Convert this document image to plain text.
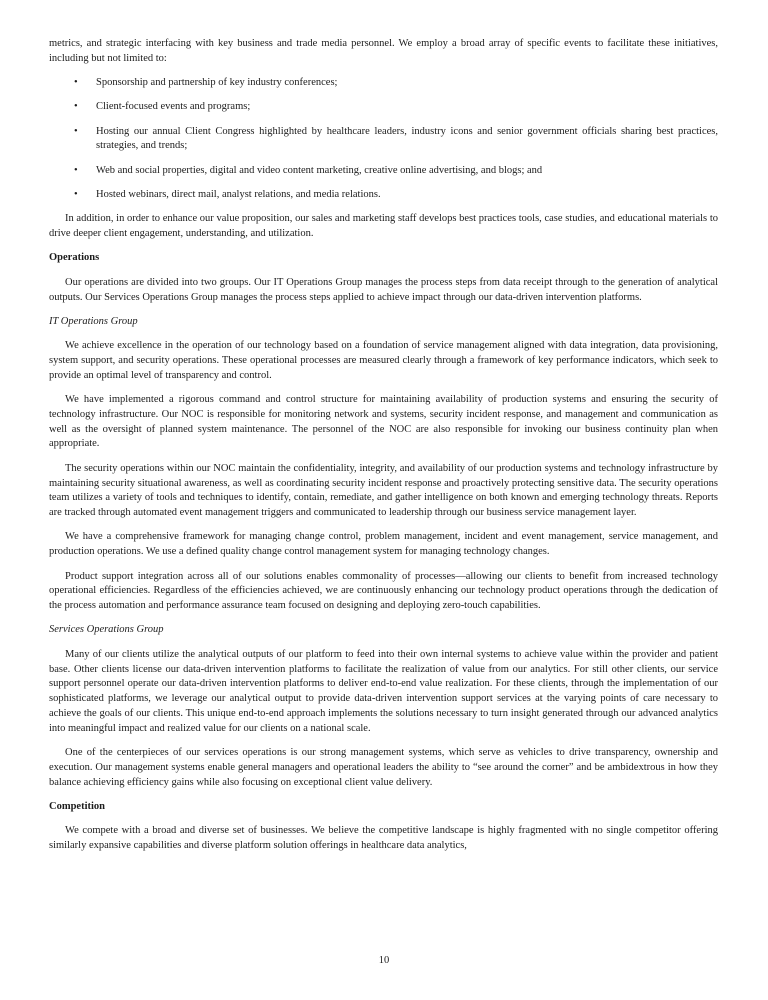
metrics, and strategic interfacing with key business and trade media personnel. We employ a broad array of specific events to facilitate these initiatives, including but not limited to:

•	Sponsorship and partnership of key industry conferences;
•	Client-focused events and programs;
•	Hosting our annual Client Congress highlighted by healthcare leaders, industry icons and senior government officials sharing best practices, strategies, and trends;
•	Web and social properties, digital and video content marketing, creative online advertising, and blogs; and
•	Hosted webinars, direct mail, analyst relations, and media relations.

In addition, in order to enhance our value proposition, our sales and marketing staff develops best practices tools, case studies, and educational materials to drive deeper client engagement, understanding, and utilization.

Operations

Our operations are divided into two groups. Our IT Operations Group manages the process steps from data receipt through to the generation of analytical outputs. Our Services Operations Group manages the process steps applied to achieve impact through our data-driven intervention platforms.

IT Operations Group

We achieve excellence in the operation of our technology based on a foundation of service management aligned with data integration, data provisioning, system support, and security operations. These operational processes are measured clearly through a framework of key performance indicators, which seek to provide an optimal level of transparency and control.

We have implemented a rigorous command and control structure for maintaining availability of production systems and ensuring the security of technology infrastructure. Our NOC is responsible for monitoring network and systems, security incident response, and management and communication as well as the oversight of planned system maintenance. The personnel of the NOC are also responsible for invoking our business continuity plan when appropriate.

The security operations within our NOC maintain the confidentiality, integrity, and availability of our production systems and technology infrastructure by maintaining security situational awareness, as well as coordinating security incident response and proactively protecting sensitive data. The security operations team utilizes a variety of tools and techniques to identify, contain, remediate, and gather intelligence on both known and emerging technology threats. Reports are tracked through automated event management triggers and communicated to leadership through our business service management layer.

We have a comprehensive framework for managing change control, problem management, incident and event management, service management, and production operations. We use a defined quality change control management system for managing technology changes.

Product support integration across all of our solutions enables commonality of processes—allowing our clients to benefit from increased technology operational efficiencies. Regardless of the efficiencies achieved, we are continuously enhancing our technology product operations through the dedication of the process automation and performance assurance team focused on designing and deploying zero-touch capabilities.

Services Operations Group

Many of our clients utilize the analytical outputs of our platform to feed into their own internal systems to achieve value within the provider and patient base. Other clients license our data-driven intervention platforms to facilitate the realization of value from our analytics. For still other clients, our service support personnel operate our data-driven intervention platforms to deliver end-to-end value realization. For these clients, through the implementation of our sophisticated platforms, we leverage our analytical output to provide data-driven intervention support services at the varying points of care necessary to achieve the goals of our clients. This unique end-to-end approach implements the solutions necessary to turn insight generated through our advanced analytics into meaningful impact and realized value for our clients on a national scale.

One of the centerpieces of our services operations is our strong management systems, which serve as vehicles to drive transparency, ownership and execution. Our management systems enable general managers and operational leaders the ability to “see around the corner” and be ambidextrous in how they balance achieving efficiency gains while also focusing on exceptional client value delivery.

Competition

We compete with a broad and diverse set of businesses. We believe the competitive landscape is highly fragmented with no single competitor offering similarly expansive capabilities and diverse platform solution offerings in healthcare data analytics,

10
